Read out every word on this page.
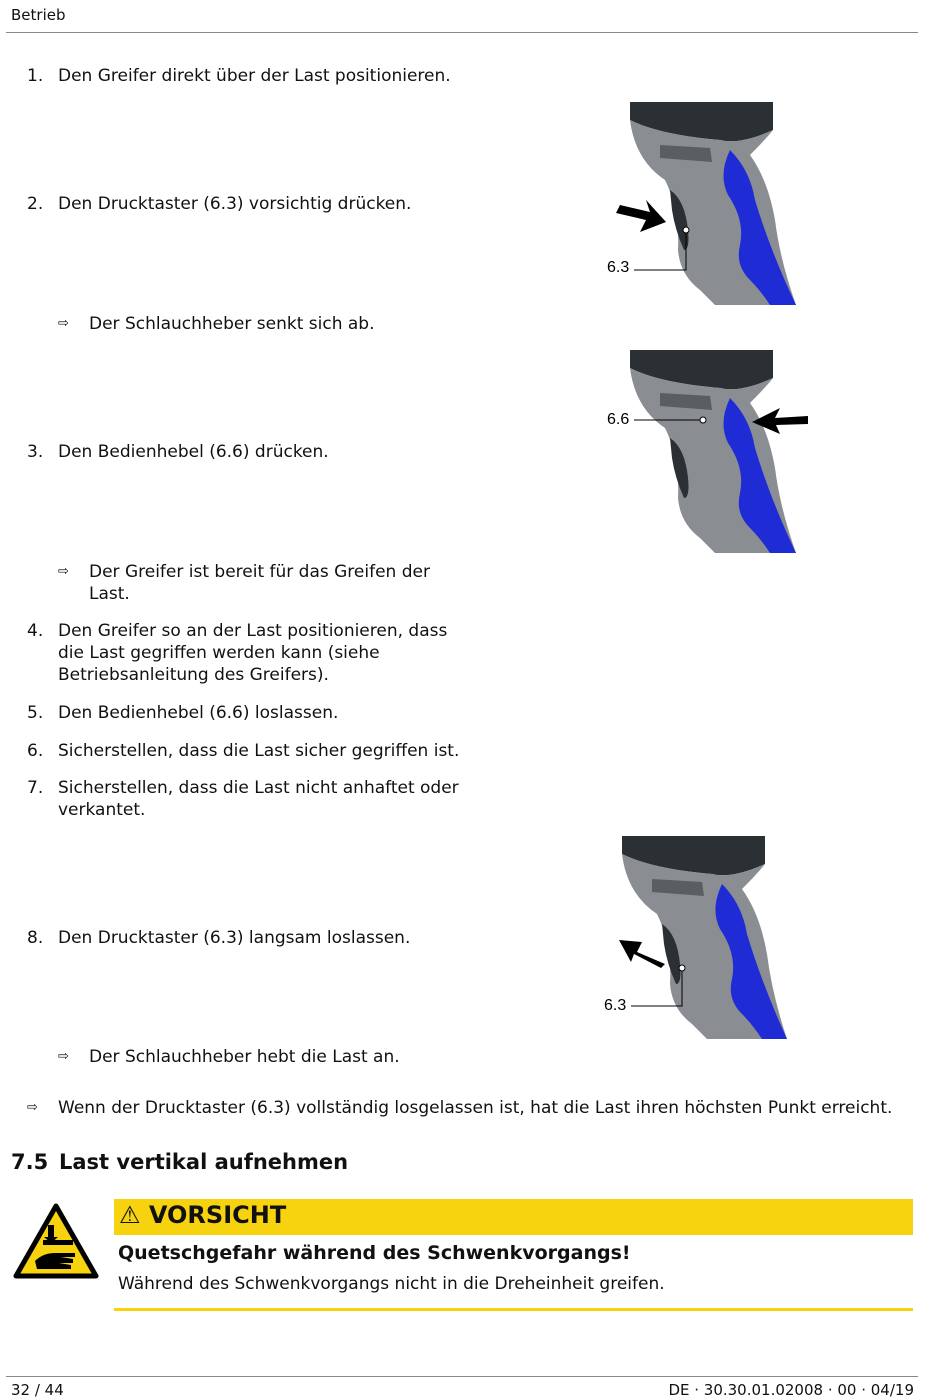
Betrieb
1. Den Greifer direkt über der Last positionieren.
2. Den Drucktaster (6.3) vorsichtig drücken.
⇨ Der Schlauchheber senkt sich ab.
3. Den Bedienhebel (6.6) drücken.
⇨ Der Greifer ist bereit für das Greifen der Last.
4. Den Greifer so an der Last positionieren, dass die Last gegriffen werden kann (siehe Betriebsanleitung des Greifers).
5. Den Bedienhebel (6.6) loslassen.
6. Sicherstellen, dass die Last sicher gegriffen ist.
7. Sicherstellen, dass die Last nicht anhaftet oder verkantet.
8. Den Drucktaster (6.3) langsam loslassen.
⇨ Der Schlauchheber hebt die Last an.
⇨ Wenn der Drucktaster (6.3) vollständig losgelassen ist, hat die Last ihren höchsten Punkt erreicht.
6.3
6.6
6.3
7.5 Last vertikal aufnehmen
⚠ VORSICHT
Quetschgefahr während des Schwenkvorgangs!
Während des Schwenkvorgangs nicht in die Dreheinheit greifen.
32 / 44	DE · 30.30.01.02008 · 00 · 04/19
